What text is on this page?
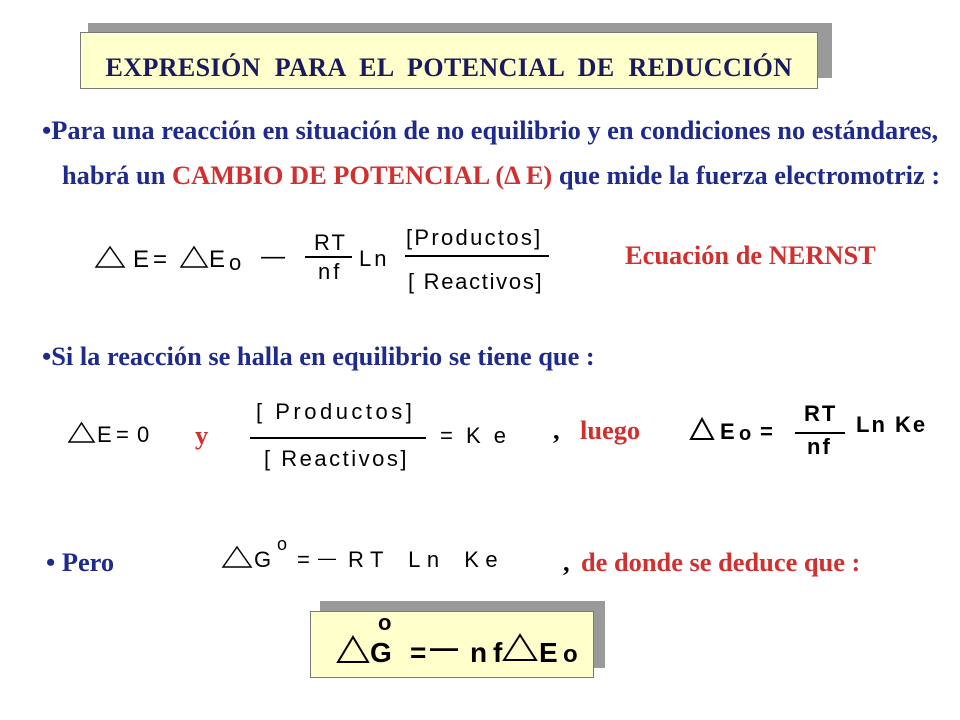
EXPRESIÓN PARA EL POTENCIAL DE REDUCCIÓN
•Para una reacción en situación de no equilibrio y en condiciones no estándares,
habrá un CAMBIO DE POTENCIAL (Δ E) que mide la fuerza electromotriz :
E = E o —
RT
nf
Ln
[Productos]
[ Reactivos]
Ecuación de NERNST
•Si la reacción se halla en equilibrio se tiene que :
E = 0 y
[ Productos]
[ Reactivos]
= K e , luego	E o =
RT
nf
Ln Ke
• Pero	G
o
= — RT Ln Ke , de donde se deduce que :
G
o
= — n f E o
